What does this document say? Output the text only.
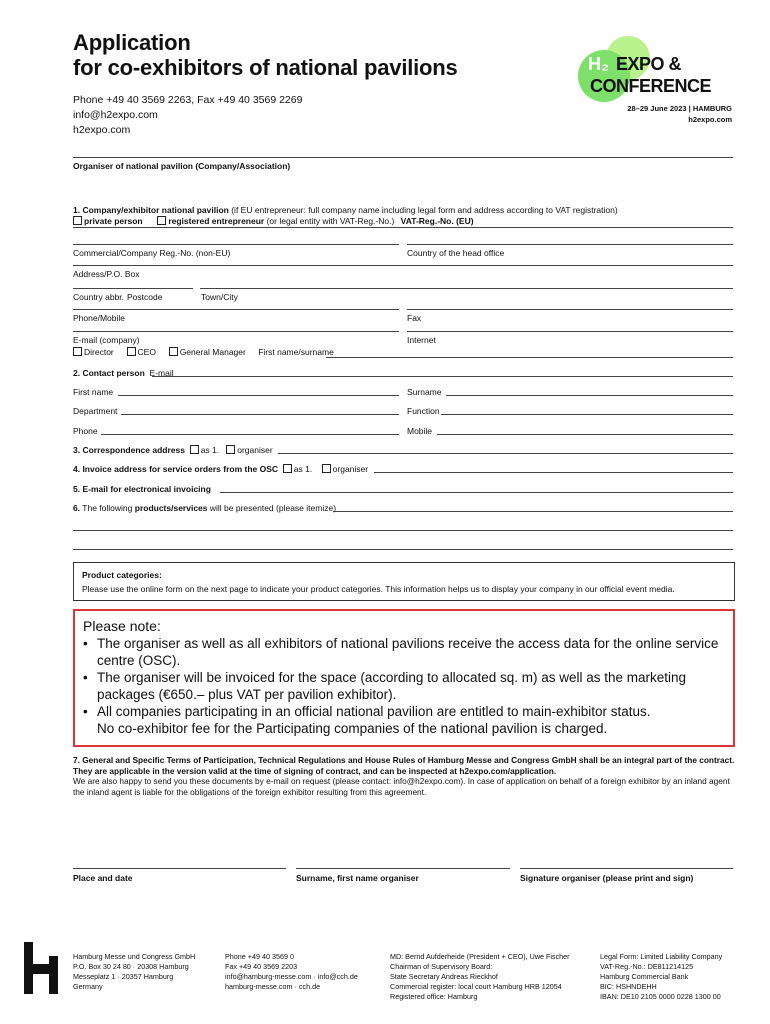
Application
for co-exhibitors of national pavilions
Phone +49 40 3569 2263, Fax +49 40 3569 2269
info@h2expo.com
h2expo.com
H₂ EXPO &
CONFERENCE
28–29 June 2023 | HAMBURG
h2expo.com
Organiser of national pavilion (Company/Association)
1. Company/exhibitor national pavilion (if EU entrepreneur: full company name including legal form and address according to VAT registration)
private person	registered entrepreneur (or legal entity with VAT-Reg.-No.) VAT-Reg.-No. (EU)
Commercial/Company Reg.-No. (non-EU)	Country of the head office
Address/P.O. Box
Country abbr. Postcode	Town/City
Phone/Mobile	Fax
E-mail (company)	Internet
Director	CEO	General Manager First name/surname
2. Contact person E-mail
First name	Surname
Department	Function
Phone	Mobile
3. Correspondence address as 1. organiser
4. Invoice address for service orders from the OSC as 1. organiser
5. E-mail for electronical invoicing
6. The following products/services will be presented (please itemize)
Product categories:
Please use the online form on the next page to indicate your product categories. This information helps us to display your company in our official event media.
Please note:
• The organiser as well as all exhibitors of national pavilions receive the access data for the online service centre (OSC).
• The organiser will be invoiced for the space (according to allocated sq. m) as well as the marketing packages (€650.– plus VAT per pavilion exhibitor).
• All companies participating in an official national pavilion are entitled to main-exhibitor status.
No co-exhibitor fee for the Participating companies of the national pavilion is charged.
7. General and Specific Terms of Participation, Technical Regulations and House Rules of Hamburg Messe and Congress GmbH shall be an integral part of the contract. They are applicable in the version valid at the time of signing of contract, and can be inspected at h2expo.com/application.
We are also happy to send you these documents by e-mail on request (please contact: info@h2expo.com). In case of application on behalf of a foreign exhibitor by an inland agent the inland agent is liable for the obligations of the foreign exhibitor resulting from this agreement.
Place and date	Surname, first name organiser	Signature organiser (please print and sign)
Hamburg Messe und Congress GmbH
P.O. Box 30 24 80 · 20308 Hamburg
Messeplatz 1 · 20357 Hamburg
Germany
Phone +49 40 3569 0
Fax +49 40 3569 2203
info@hamburg-messe.com · info@cch.de
hamburg-messe.com · cch.de
MD: Bernd Aufderheide (President + CEO), Uwe Fischer
Chairman of Supervisory Board:
State Secretary Andreas Rieckhof
Commercial register: local court Hamburg HRB 12054
Registered office: Hamburg
Legal Form: Limited Liability Company
VAT-Reg.-No.: DE811214125
Hamburg Commercial Bank
BIC: HSHNDEHH
IBAN: DE10 2105 0000 0228 1300 00
